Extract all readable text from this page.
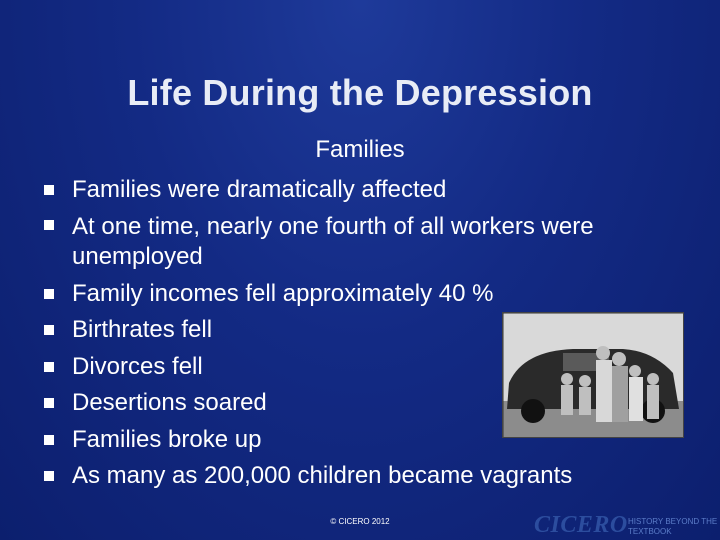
Life During the Depression
Families
Families were dramatically affected
At one time, nearly one fourth of all workers were unemployed
Family incomes fell approximately 40 %
Birthrates fell
Divorces fell
Desertions soared
Families broke up
As many as 200,000 children became vagrants
© CICERO 2012	CICERO HISTORY BEYOND THE TEXTBOOK
